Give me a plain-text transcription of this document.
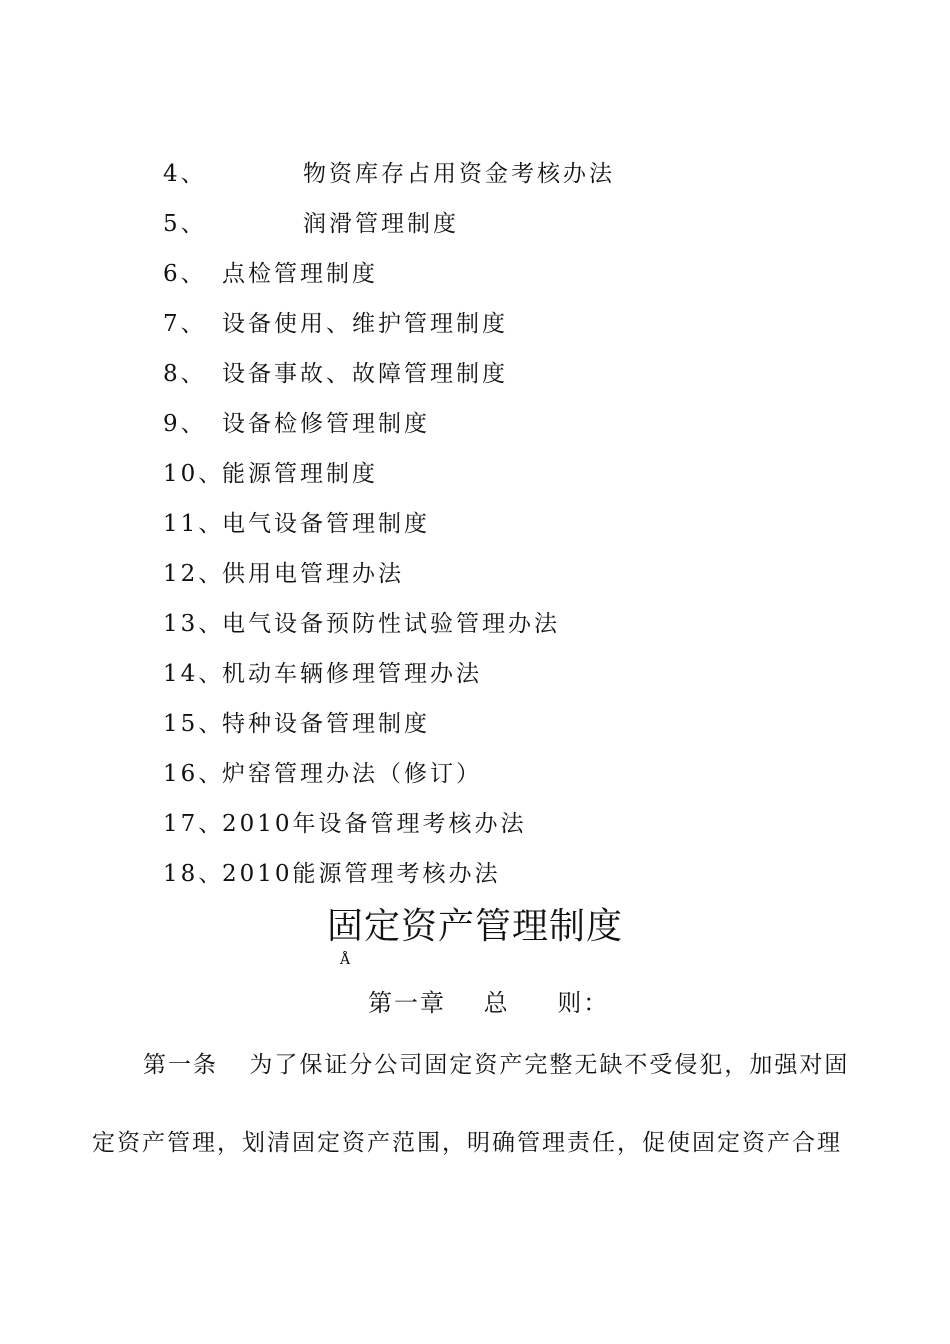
4、	物资库存占用资金考核办法
5、	润滑管理制度
6、 点检管理制度
7、 设备使用、维护管理制度
8、 设备事故、故障管理制度
9、 设备检修管理制度
10、
能源管理制度
11、
电气设备管理制度
12、
供用电管理办法
13、
电气设备预防性试验管理办法
14、
机动车辆修理管理办法
15、
特种设备管理制度
16、
炉窑管理办法（修订）
17、
2010年设备管理考核办法
18、
2010能源管理考核办法
固定资产管理制度
Å
第一章 总 则：
第一条 为了保证分公司固定资产完整无缺不受侵犯，加强对固
定资产管理，划清固定资产范围，明确管理责任，促使固定资产合理
